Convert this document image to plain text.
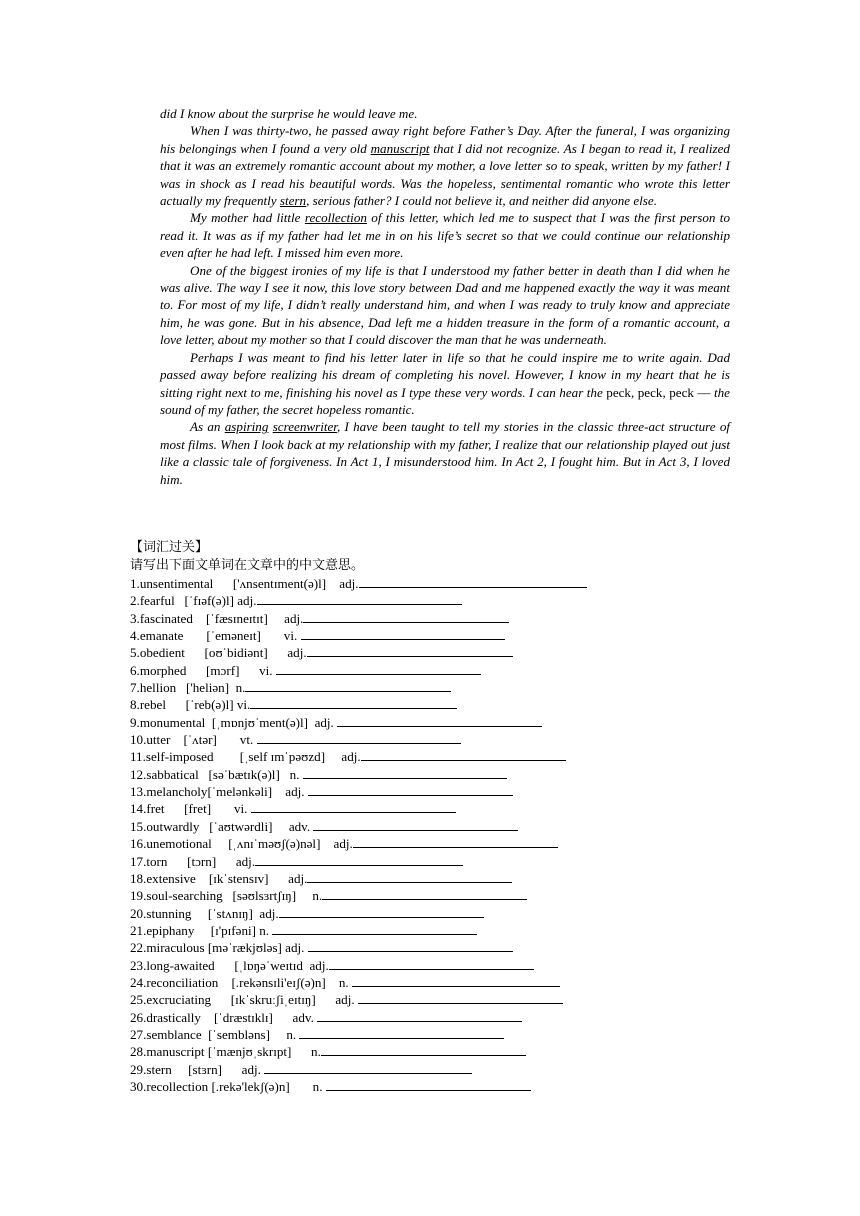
did I know about the surprise he would leave me.

When I was thirty-two, he passed away right before Father’s Day. After the funeral, I was organizing his belongings when I found a very old manuscript that I did not recognize. As I began to read it, I realized that it was an extremely romantic account about my mother, a love letter so to speak, written by my father! I was in shock as I read his beautiful words. Was the hopeless, sentimental romantic who wrote this letter actually my frequently stern, serious father? I could not believe it, and neither did anyone else.

My mother had little recollection of this letter, which led me to suspect that I was the first person to read it. It was as if my father had let me in on his life’s secret so that we could continue our relationship even after he had left. I missed him even more.

One of the biggest ironies of my life is that I understood my father better in death than I did when he was alive. The way I see it now, this love story between Dad and me happened exactly the way it was meant to. For most of my life, I didn’t really understand him, and when I was ready to truly know and appreciate him, he was gone. But in his absence, Dad left me a hidden treasure in the form of a romantic account, a love letter, about my mother so that I could discover the man that he was underneath.

Perhaps I was meant to find his letter later in life so that he could inspire me to write again. Dad passed away before realizing his dream of completing his novel. However, I know in my heart that he is sitting right next to me, finishing his novel as I type these very words. I can hear the peck, peck, peck — the sound of my father, the secret hopeless romantic.

As an aspiring screenwriter, I have been taught to tell my stories in the classic three-act structure of most films. When I look back at my relationship with my father, I realize that our relationship played out just like a classic tale of forgiveness. In Act 1, I misunderstood him. In Act 2, I fought him. But in Act 3, I loved him.

【词汇过关】
请写出下面文单词在文章中的中文意思。
1.unsentimental      ['ʌnsentɪment(ə)l]    adj.
2.fearful   [ˈfɪəf(ə)l] adj.
3.fascinated    [ˈfæsɪneɪtɪt]     adj.
4.emanate       [ˈeməneɪt]       vi.
5.obedient      [oʊˈbidiənt]      adj.
6.morphed      [mɔrf]      vi.
7.hellion   ['heliən]  n.
8.rebel      [ˈreb(ə)l] vi.
9.monumental  [ˌmɒnjʊˈment(ə)l]  adj.
10.utter    [ˈʌtər]       vt.
11.self-imposed        [ˌself ɪmˈpəʊzd]     adj.
12.sabbatical   [səˈbætɪk(ə)l]   n.
13.melancholy[ˈmelənkəli]    adj.
14.fret      [fret]       vi.
15.outwardly   [ˈaʊtwərdli]     adv.
16.unemotional     [ˌʌnɪˈməʊʃ(ə)nəl]    adj.
17.torn      [tɔrn]      adj.
18.extensive    [ɪkˈstensɪv]      adj.
19.soul-searching   [səʊlsɜrtʃɪŋ]     n.
20.stunning     [ˈstʌnɪŋ]  adj.
21.epiphany     [ɪ'pɪfəni] n.
22.miraculous [məˈrækjʊləs] adj.
23.long-awaited      [ˌlɒŋəˈweɪtɪd  adj.
24.reconciliation    [.rekənsɪli'eɪʃ(ə)n]    n.
25.excruciating      [ɪkˈskruːʃiˌeɪtɪŋ]      adj.
26.drastically    [ˈdræstɪklɪ]      adv.
27.semblance  [ˈsembləns]     n.
28.manuscript [ˈmænjʊˌskrɪpt]      n.
29.stern     [stɜrn]      adj.
30.recollection [.rekə'lekʃ(ə)n]       n.
